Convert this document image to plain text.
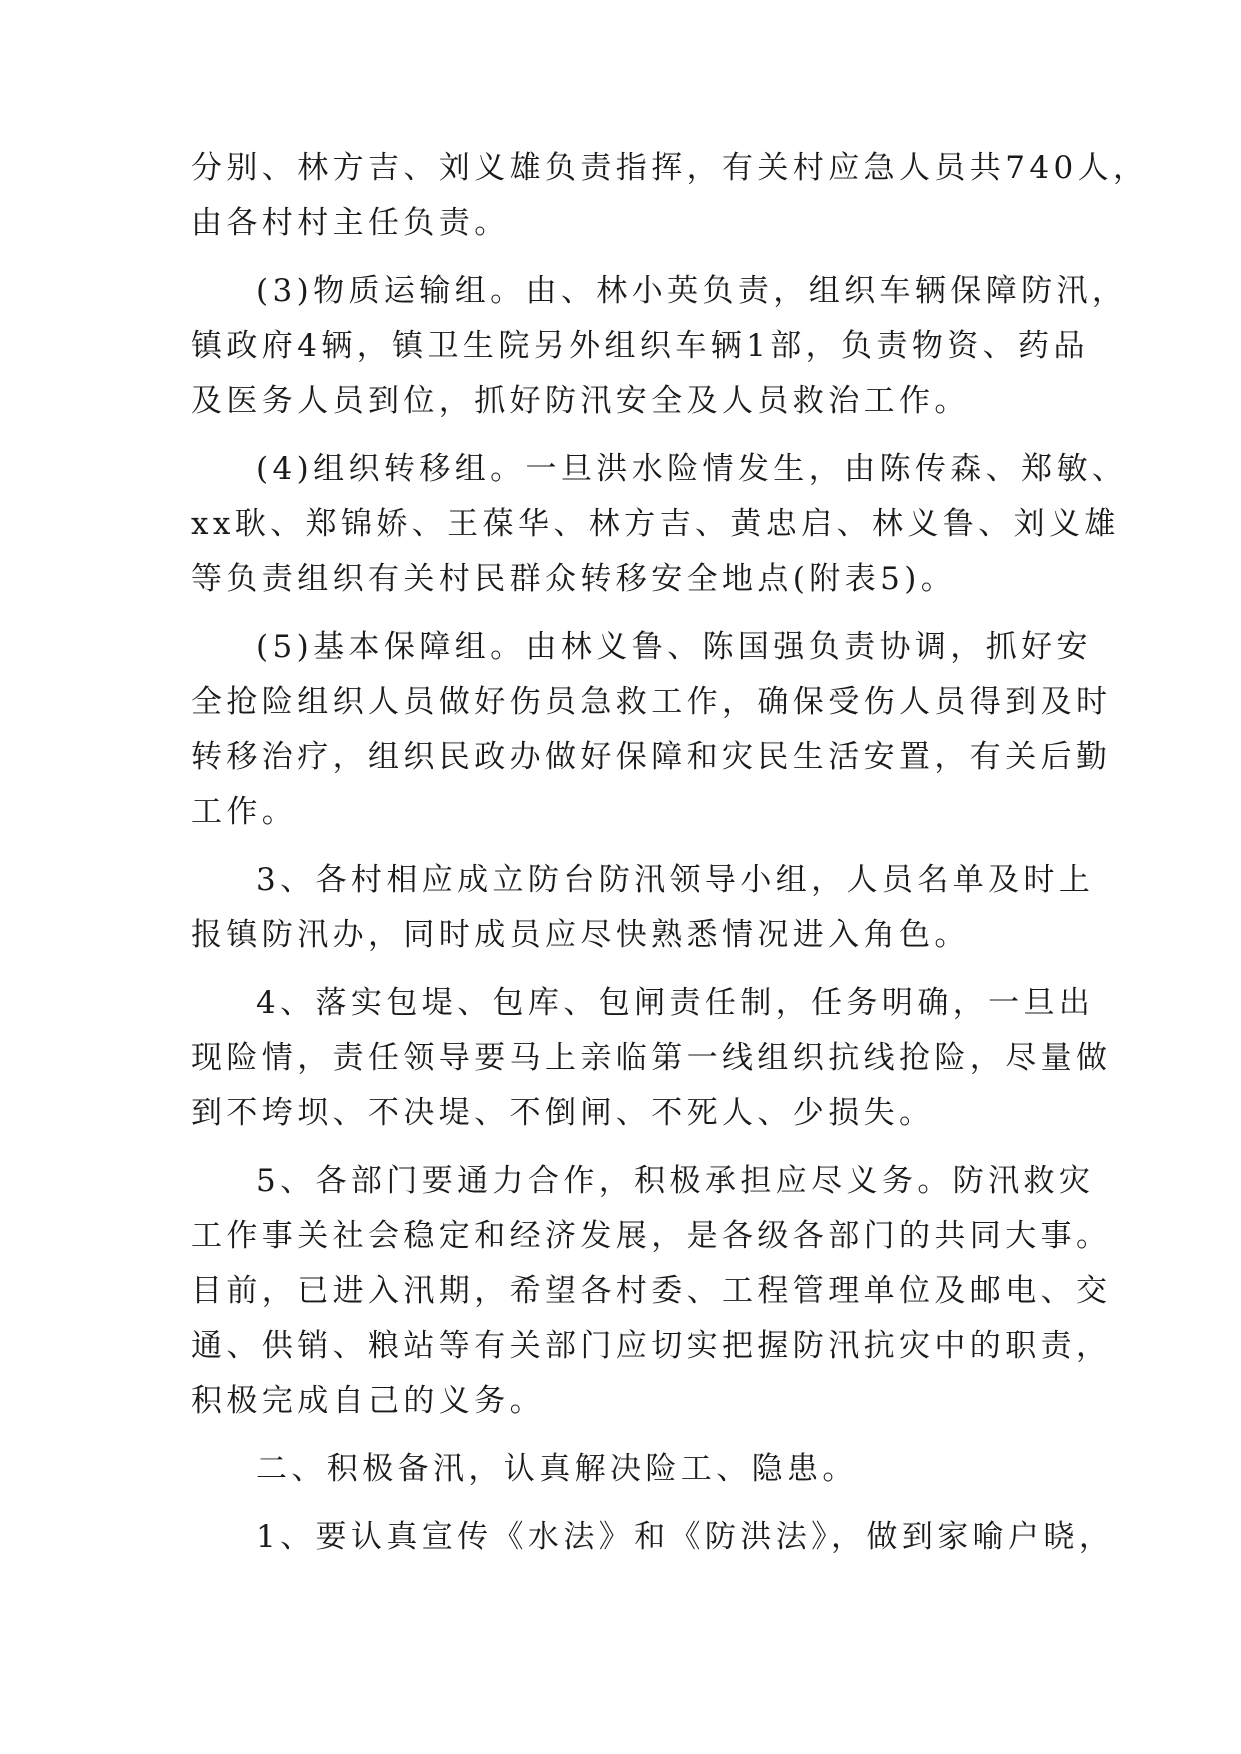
分别、林方吉、刘义雄负责指挥，有关村应急人员共740人，
由各村村主任负责。
(3)物质运输组。由、林小英负责，组织车辆保障防汛，
镇政府4辆，镇卫生院另外组织车辆1部，负责物资、药品
及医务人员到位，抓好防汛安全及人员救治工作。
(4)组织转移组。一旦洪水险情发生，由陈传森、郑敏、
xx耿、郑锦娇、王葆华、林方吉、黄忠启、林义鲁、刘义雄
等负责组织有关村民群众转移安全地点(附表5)。
(5)基本保障组。由林义鲁、陈国强负责协调，抓好安
全抢险组织人员做好伤员急救工作，确保受伤人员得到及时
转移治疗，组织民政办做好保障和灾民生活安置，有关后勤
工作。
3、各村相应成立防台防汛领导小组，人员名单及时上
报镇防汛办，同时成员应尽快熟悉情况进入角色。
4、落实包堤、包库、包闸责任制，任务明确，一旦出
现险情，责任领导要马上亲临第一线组织抗线抢险，尽量做
到不垮坝、不决堤、不倒闸、不死人、少损失。
5、各部门要通力合作，积极承担应尽义务。防汛救灾
工作事关社会稳定和经济发展，是各级各部门的共同大事。
目前，已进入汛期，希望各村委、工程管理单位及邮电、交
通、供销、粮站等有关部门应切实把握防汛抗灾中的职责，
积极完成自己的义务。
二、积极备汛，认真解决险工、隐患。
1、要认真宣传《水法》和《防洪法》，做到家喻户晓，
